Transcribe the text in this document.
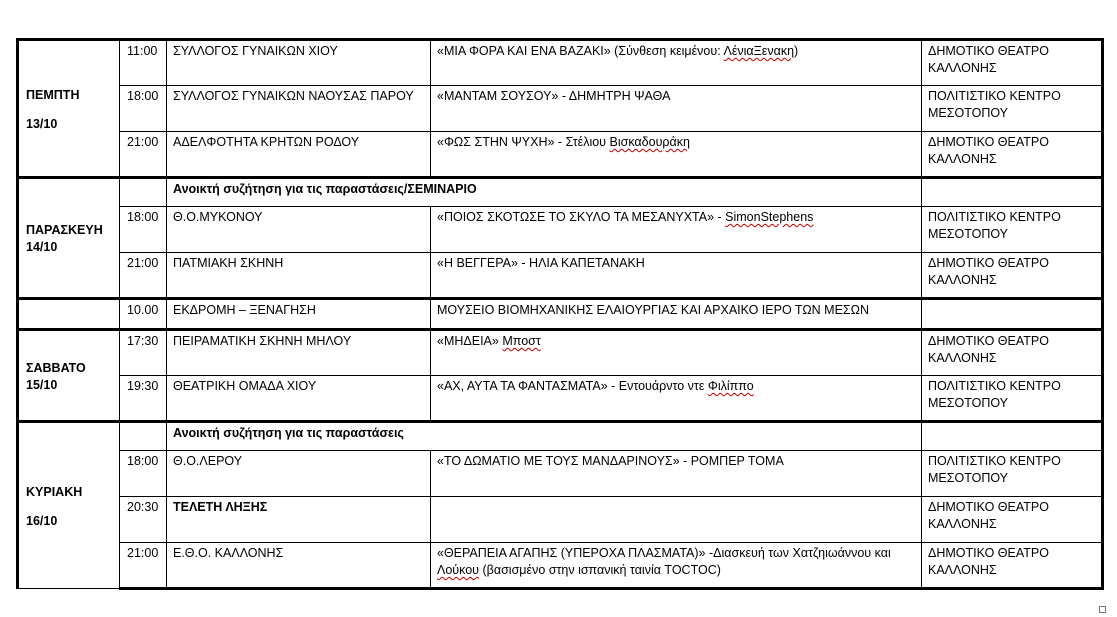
ΠΕΜΠΤΗ
13/10	11:00	ΣΥΛΛΟΓΟΣ ΓΥΝΑΙΚΩΝ ΧΙΟΥ	«ΜΙΑ ΦΟΡΑ ΚΑΙ ΕΝΑ ΒΑΖΑΚΙ» (Σύνθεση κειμένου: ΛένιαΞενακη)	ΔΗΜΟΤΙΚΟ ΘΕΑΤΡΟ ΚΑΛΛΟΝΗΣ
	18:00	ΣΥΛΛΟΓΟΣ ΓΥΝΑΙΚΩΝ ΝΑΟΥΣΑΣ ΠΑΡΟΥ	«ΜΑΝΤΑΜ ΣΟΥΣΟΥ» - ΔΗΜΗΤΡΗ ΨΑΘΑ	ΠΟΛΙΤΙΣΤΙΚΟ ΚΕΝΤΡΟ ΜΕΣΟΤΟΠΟΥ
	21:00	ΑΔΕΛΦΟΤΗΤΑ ΚΡΗΤΩΝ ΡΟΔΟΥ	«ΦΩΣ ΣΤΗΝ ΨΥΧΗ» - Στέλιου Βισκαδουράκη	ΔΗΜΟΤΙΚΟ ΘΕΑΤΡΟ ΚΑΛΛΟΝΗΣ

ΠΑΡΑΣΚΕΥΗ
14/10		Ανοικτή συζήτηση για τις παραστάσεις/ΣΕΜΙΝΑΡΙΟ		
	18:00	Θ.Ο.ΜΥΚΟΝΟΥ	«ΠΟΙΟΣ ΣΚΟΤΩΣΕ ΤΟ ΣΚΥΛΟ ΤΑ ΜΕΣΑΝΥΧΤΑ» - SimonStephens	ΠΟΛΙΤΙΣΤΙΚΟ ΚΕΝΤΡΟ ΜΕΣΟΤΟΠΟΥ
	21:00	ΠΑΤΜΙΑΚΗ ΣΚΗΝΗ	«Η ΒΕΓΓΕΡΑ» - ΗΛΙΑ ΚΑΠΕΤΑΝΑΚΗ	ΔΗΜΟΤΙΚΟ ΘΕΑΤΡΟ ΚΑΛΛΟΝΗΣ
	10.00	ΕΚΔΡΟΜΗ – ΞΕΝΑΓΗΣΗ	ΜΟΥΣΕΙΟ ΒΙΟΜΗΧΑΝΙΚΗΣ ΕΛΑΙΟΥΡΓΙΑΣ ΚΑΙ ΑΡΧΑΙΚΟ ΙΕΡΟ ΤΩΝ ΜΕΣΩΝ	

ΣΑΒΒΑΤΟ
15/10	17:30	ΠΕΙΡΑΜΑΤΙΚΗ ΣΚΗΝΗ ΜΗΛΟΥ	«ΜΗΔΕΙΑ» Μποστ	ΔΗΜΟΤΙΚΟ ΘΕΑΤΡΟ ΚΑΛΛΟΝΗΣ
	19:30	ΘΕΑΤΡΙΚΗ ΟΜΑΔΑ ΧΙΟΥ	«ΑΧ, ΑΥΤΑ ΤΑ ΦΑΝΤΑΣΜΑΤΑ» - Εντουάρντο ντε Φιλίππο	ΠΟΛΙΤΙΣΤΙΚΟ ΚΕΝΤΡΟ ΜΕΣΟΤΟΠΟΥ

ΚΥΡΙΑΚΗ
16/10		Ανοικτή συζήτηση για τις παραστάσεις		
	18:00	Θ.Ο.ΛΕΡΟΥ	«ΤΟ ΔΩΜΑΤΙΟ ΜΕ ΤΟΥΣ ΜΑΝΔΑΡΙΝΟΥΣ» - ΡΟΜΠΕΡ ΤΟΜΑ	ΠΟΛΙΤΙΣΤΙΚΟ ΚΕΝΤΡΟ ΜΕΣΟΤΟΠΟΥ
	20:30	ΤΕΛΕΤΗ ΛΗΞΗΣ		ΔΗΜΟΤΙΚΟ ΘΕΑΤΡΟ ΚΑΛΛΟΝΗΣ
	21:00	Ε.Θ.Ο. ΚΑΛΛΟΝΗΣ	«ΘΕΡΑΠΕΙΑ ΑΓΑΠΗΣ (ΥΠΕΡΟΧΑ ΠΛΑΣΜΑΤΑ)» -Διασκευή των Χατζηιωάννου και Λούκου (βασισμένο στην ισπανική ταινία TOCTOC)	ΔΗΜΟΤΙΚΟ ΘΕΑΤΡΟ ΚΑΛΛΟΝΗΣ
